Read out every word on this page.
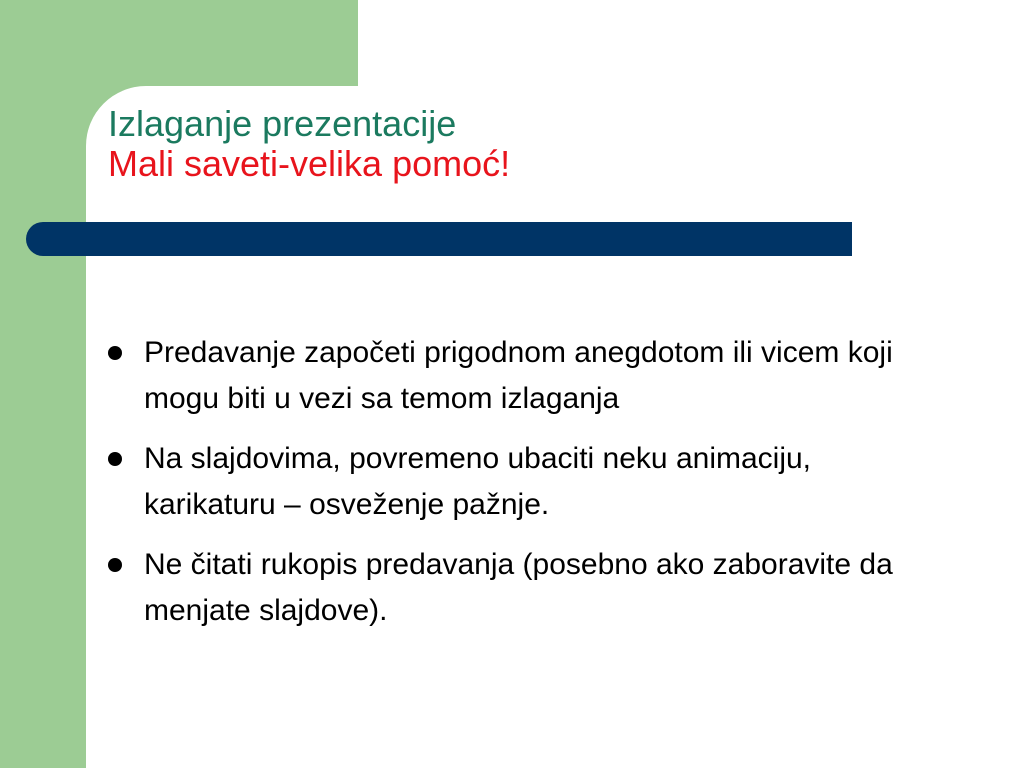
Izlaganje prezentacije
Mali saveti-velika pomoć!
Predavanje započeti prigodnom anegdotom ili vicem koji mogu biti u vezi sa temom izlaganja
Na slajdovima, povremeno ubaciti neku animaciju, karikaturu – osveženje pažnje.
Ne čitati rukopis predavanja (posebno ako zaboravite da menjate slajdove).
